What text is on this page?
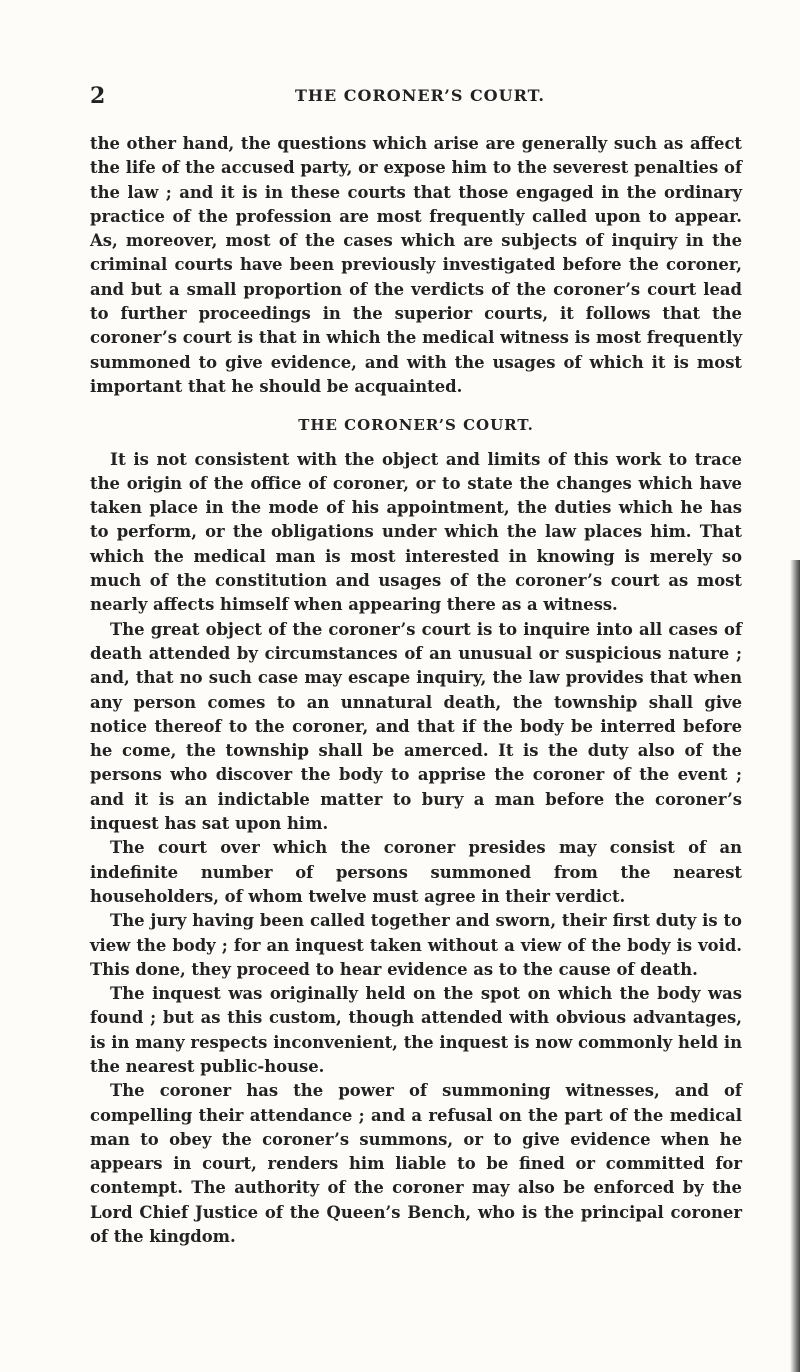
2	THE CORONER’S COURT.

the other hand, the questions which arise are generally such as affect the life of the accused party, or expose him to the severest penalties of the law ; and it is in these courts that those engaged in the ordinary practice of the profession are most frequently called upon to appear. As, moreover, most of the cases which are subjects of inquiry in the criminal courts have been previously investigated before the coroner, and but a small proportion of the verdicts of the coroner’s court lead to further proceedings in the superior courts, it follows that the coroner’s court is that in which the medical witness is most frequently summoned to give evidence, and with the usages of which it is most important that he should be acquainted.

THE CORONER’S COURT.

It is not consistent with the object and limits of this work to trace the origin of the office of coroner, or to state the changes which have taken place in the mode of his appointment, the duties which he has to perform, or the obligations under which the law places him. That which the medical man is most interested in knowing is merely so much of the constitution and usages of the coroner’s court as most nearly affects himself when appearing there as a witness.

The great object of the coroner’s court is to inquire into all cases of death attended by circumstances of an unusual or suspicious nature ; and, that no such case may escape inquiry, the law provides that when any person comes to an unnatural death, the township shall give notice thereof to the coroner, and that if the body be interred before he come, the township shall be amerced. It is the duty also of the persons who discover the body to apprise the coroner of the event ; and it is an indictable matter to bury a man before the coroner’s inquest has sat upon him.

The court over which the coroner presides may consist of an indefinite number of persons summoned from the nearest householders, of whom twelve must agree in their verdict.

The jury having been called together and sworn, their first duty is to view the body ; for an inquest taken without a view of the body is void. This done, they proceed to hear evidence as to the cause of death.

The inquest was originally held on the spot on which the body was found ; but as this custom, though attended with obvious advantages, is in many respects inconvenient, the inquest is now commonly held in the nearest public-house.

The coroner has the power of summoning witnesses, and of compelling their attendance ; and a refusal on the part of the medical man to obey the coroner’s summons, or to give evidence when he appears in court, renders him liable to be fined or committed for contempt. The authority of the coroner may also be enforced by the Lord Chief Justice of the Queen’s Bench, who is the principal coroner of the kingdom.
